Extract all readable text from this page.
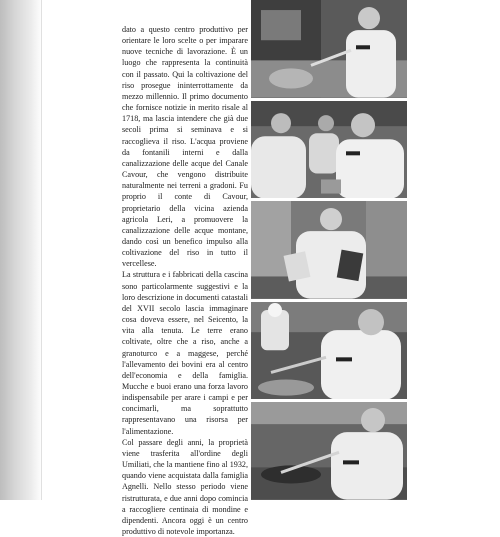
dato a questo centro produttivo per orientare le loro scelte o per imparare nuove tecniche di lavorazione. È un luogo che rappresenta la continuità con il passato. Qui la coltivazione del riso prosegue ininterrottamente da mezzo millennio. Il primo documento che fornisce notizie in merito risale al 1718, ma lascia intendere che già due secoli prima si seminava e si raccoglieva il riso. L'acqua proviene da fontanili interni e dalla canalizzazione delle acque del Canale Cavour, che vengono distribuite naturalmente nei terreni a gradoni. Fu proprio il conte di Cavour, proprietario della vicina azienda agricola Leri, a promuovere la canalizzazione delle acque montane, dando così un benefico impulso alla coltivazione del riso in tutto il vercellese.

La struttura e i fabbricati della cascina sono particolarmente suggestivi e la loro descrizione in documenti catastali del XVII secolo lascia immaginare cosa doveva essere, nel Seicento, la vita alla tenuta. Le terre erano coltivate, oltre che a riso, anche a granoturco e a maggese, perché l'allevamento dei bovini era al centro dell'economia e della famiglia. Mucche e buoi erano una forza lavoro indispensabile per arare i campi e per concimarli, ma soprattutto rappresentavano una risorsa per l'alimentazione.

Col passare degli anni, la proprietà viene trasferita all'ordine degli Umiliati, che la mantiene fino al 1932, quando viene acquistata dalla famiglia Agnelli. Nello stesso periodo viene ristrutturata, e due anni dopo comincia a raccogliere centinaia di mondine e dipendenti. Ancora oggi è un centro produttivo di notevole importanza.
